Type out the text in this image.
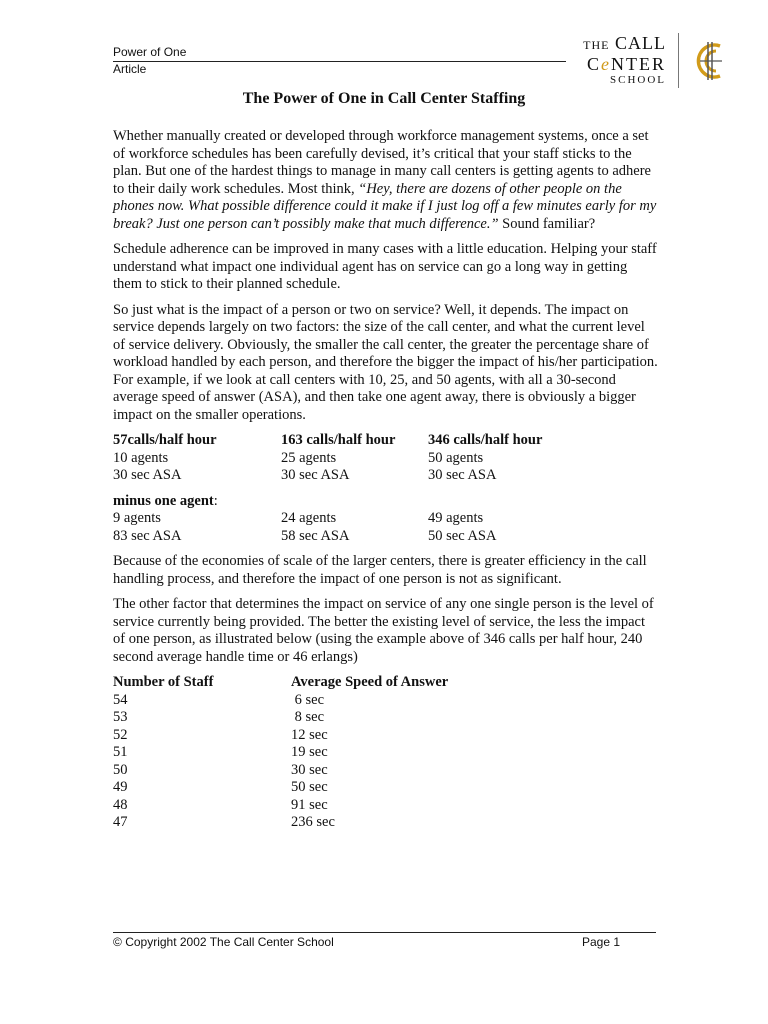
Power of One
Article
THE CALL
CeNTER
SCHOOL
The Power of One in Call Center Staffing

Whether manually created or developed through workforce management systems, once a set of workforce schedules has been carefully devised, it’s critical that your staff sticks to the plan. But one of the hardest things to manage in many call centers is getting agents to adhere to their daily work schedules. Most think, “Hey, there are dozens of other people on the phones now. What possible difference could it make if I just log off a few minutes early for my break? Just one person can’t possibly make that much difference.” Sound familiar?

Schedule adherence can be improved in many cases with a little education. Helping your staff understand what impact one individual agent has on service can go a long way in getting them to stick to their planned schedule.

So just what is the impact of a person or two on service? Well, it depends. The impact on service depends largely on two factors: the size of the call center, and what the current level of service delivery. Obviously, the smaller the call center, the greater the percentage share of workload handled by each person, and therefore the bigger the impact of his/her participation. For example, if we look at call centers with 10, 25, and 50 agents, with all a 30-second average speed of answer (ASA), and then take one agent away, there is obviously a bigger impact on the smaller operations.

57calls/half hour	163 calls/half hour	346 calls/half hour
10 agents	25 agents	50 agents
30 sec ASA	30 sec ASA	30 sec ASA
minus one agent:
9 agents	24 agents	49 agents
83 sec ASA	58 sec ASA	50 sec ASA

Because of the economies of scale of the larger centers, there is greater efficiency in the call handling process, and therefore the impact of one person is not as significant.

The other factor that determines the impact on service of any one single person is the level of service currently being provided. The better the existing level of service, the less the impact of one person, as illustrated below (using the example above of 346 calls per half hour, 240 second average handle time or 46 erlangs)

Number of Staff	Average Speed of Answer
54	6 sec
53	8 sec
52	12 sec
51	19 sec
50	30 sec
49	50 sec
48	91 sec
47	236 sec
© Copyright 2002 The Call Center School	Page 1
